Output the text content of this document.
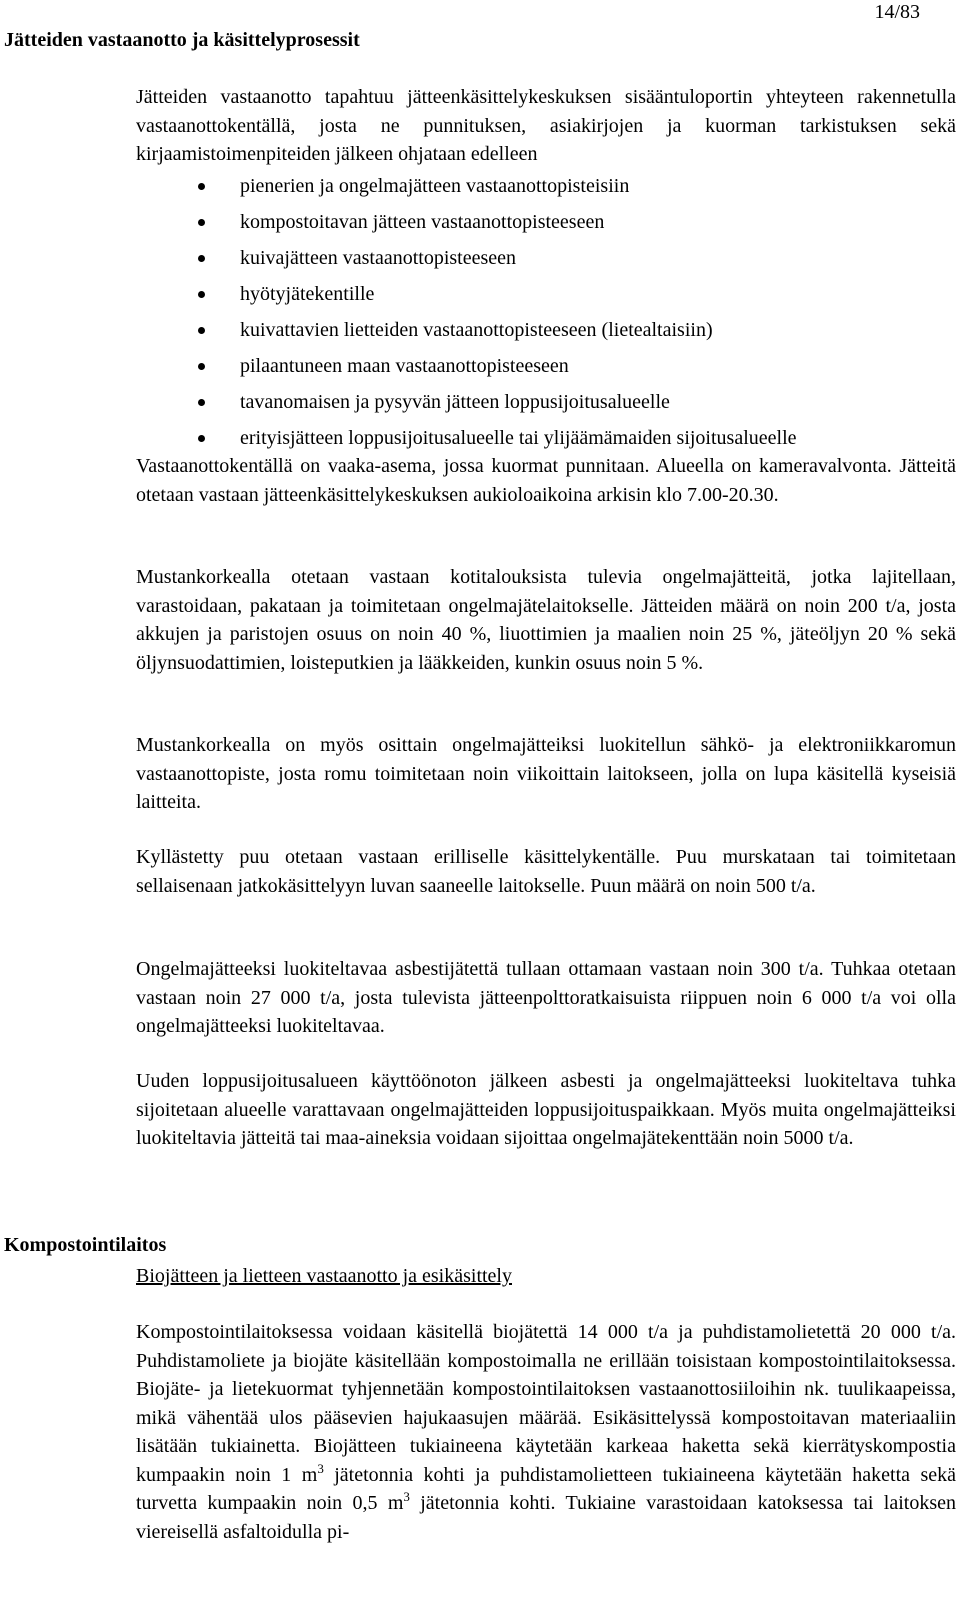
14/83
Jätteiden vastaanotto ja käsittelyprosessit

Jätteiden vastaanotto tapahtuu jätteenkäsittelykeskuksen sisääntuloportin yhteyteen rakennetulla vastaanottokentällä, josta ne punnituksen, asiakirjojen ja kuorman tarkistuksen sekä kirjaamistoimenpiteiden jälkeen ohjataan edelleen

pienerien ja ongelmajätteen vastaanottopisteisiin
kompostoitavan jätteen vastaanottopisteeseen
kuivajätteen vastaanottopisteeseen
hyötyjätekentille
kuivattavien lietteiden vastaanottopisteeseen (lietealtaisiin)
pilaantuneen maan vastaanottopisteeseen
tavanomaisen ja pysyvän jätteen loppusijoitusalueelle
erityisjätteen loppusijoitusalueelle tai ylijäämämaiden sijoitusalueelle

Vastaanottokentällä on vaaka-asema, jossa kuormat punnitaan. Alueella on kameravalvonta. Jätteitä otetaan vastaan jätteenkäsittelykeskuksen aukioloaikoina arkisin klo 7.00-20.30.

Mustankorkealla otetaan vastaan kotitalouksista tulevia ongelmajätteitä, jotka lajitellaan, varastoidaan, pakataan ja toimitetaan ongelmajätelaitokselle. Jätteiden määrä on noin 200 t/a, josta akkujen ja paristojen osuus on noin 40 %, liuottimien ja maalien noin 25 %, jäteöljyn 20 % sekä öljynsuodattimien, loisteputkien ja lääkkeiden, kunkin osuus noin 5 %.

Mustankorkealla on myös osittain ongelmajätteiksi luokitellun sähkö- ja elektroniikkaromun vastaanottopiste, josta romu toimitetaan noin viikoittain laitokseen, jolla on lupa käsitellä kyseisiä laitteita.

Kyllästetty puu otetaan vastaan erilliselle käsittelykentälle. Puu murskataan tai toimitetaan sellaisenaan jatkokäsittelyyn luvan saaneelle laitokselle. Puun määrä on noin 500 t/a.

Ongelmajätteeksi luokiteltavaa asbestijätettä tullaan ottamaan vastaan noin 300 t/a. Tuhkaa otetaan vastaan noin 27 000 t/a, josta tulevista jätteenpolttoratkaisuista riippuen noin 6 000 t/a voi olla ongelmajätteeksi luokiteltavaa.

Uuden loppusijoitusalueen käyttöönoton jälkeen asbesti ja ongelmajätteeksi luokiteltava tuhka sijoitetaan alueelle varattavaan ongelmajätteiden loppusijoituspaikkaan. Myös muita ongelmajätteiksi luokiteltavia jätteitä tai maa-aineksia voidaan sijoittaa ongelmajätekenttään noin 5000 t/a.

Kompostointilaitos
Biojätteen ja lietteen vastaanotto ja esikäsittely

Kompostointilaitoksessa voidaan käsitellä biojätettä 14 000 t/a ja puhdistamolietettä 20 000 t/a. Puhdistamoliete ja biojäte käsitellään kompostoimalla ne erillään toisistaan kompostointilaitoksessa. Biojäte- ja lietekuormat tyhjennetään kompostointilaitoksen vastaanottosiiloihin nk. tuulikaapeissa, mikä vähentää ulos pääsevien hajukaasujen määrää. Esikäsittelyssä kompostoitavan materiaaliin lisätään tukiainetta. Biojätteen tukiaineena käytetään karkeaa haketta sekä kierrätyskompostia kumpaakin noin 1 $m^3$ jätetonnia kohti ja puhdistamolietteen tukiaineena käytetään haketta sekä turvetta kumpaakin noin 0,5 $m^3$ jätetonnia kohti. Tukiaine varastoidaan katoksessa tai laitoksen viereisellä asfaltoidulla pi-
